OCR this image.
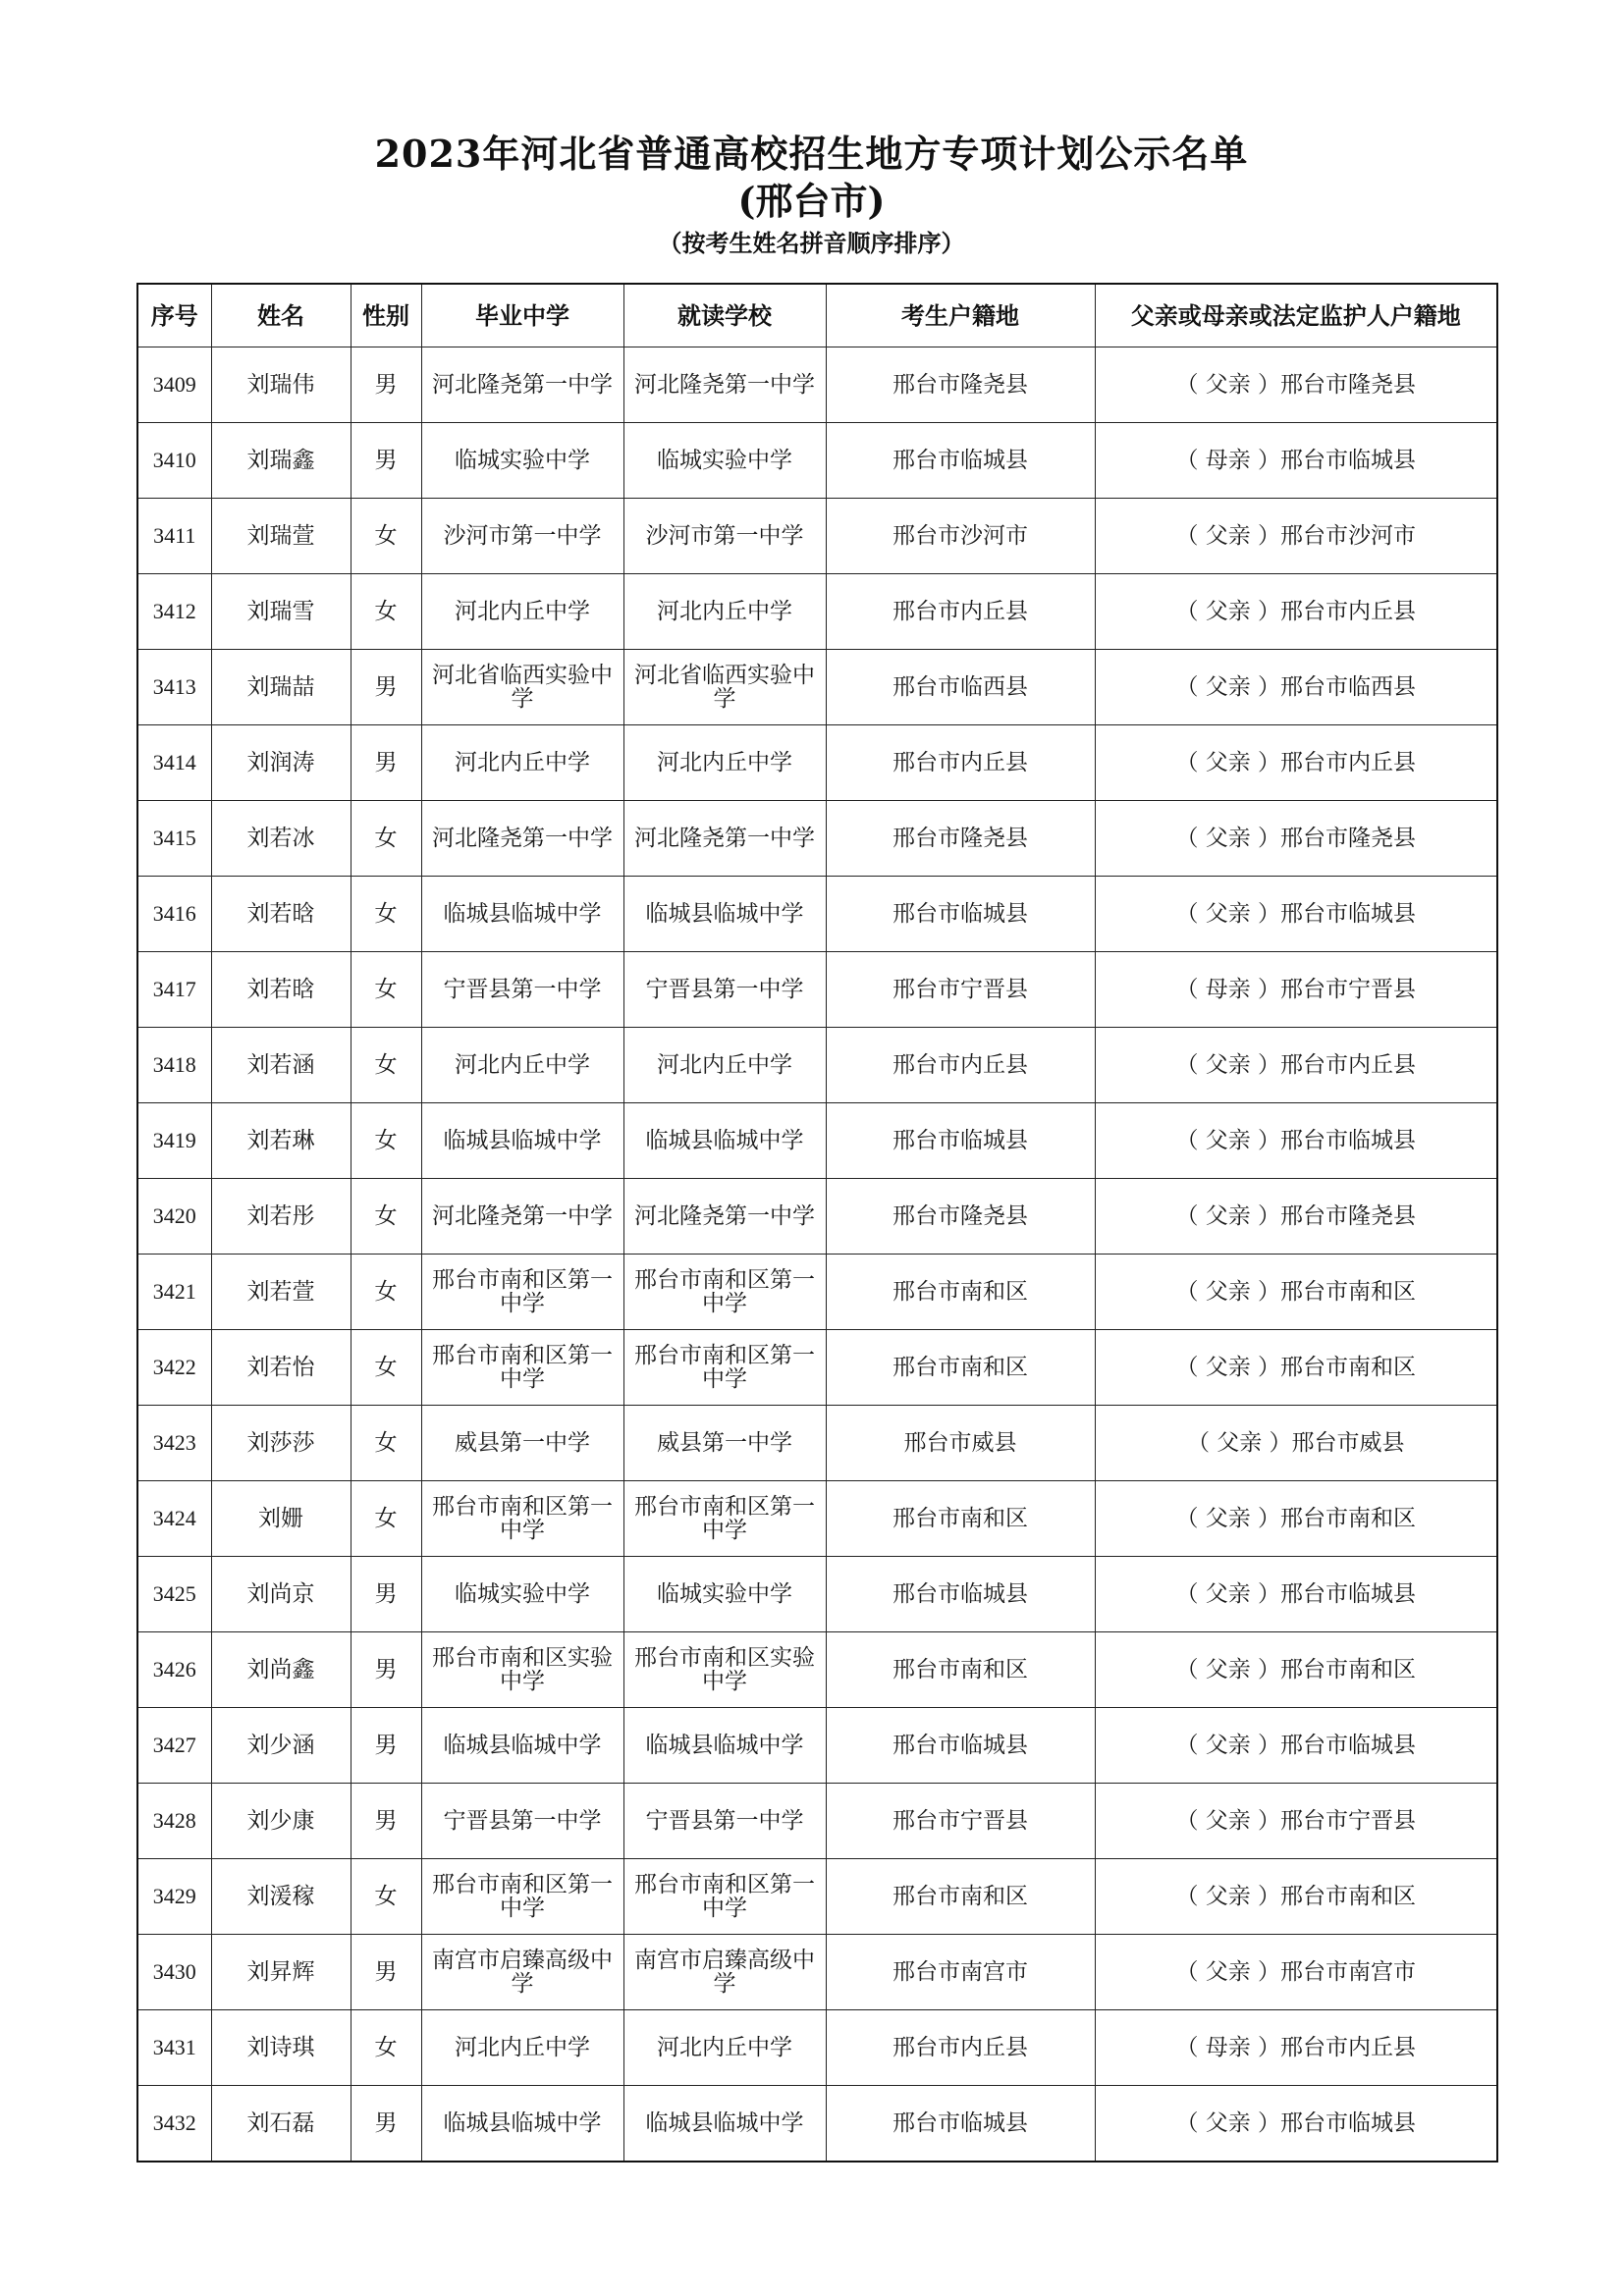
2023年河北省普通高校招生地方专项计划公示名单
(邢台市)
（按考生姓名拼音顺序排序）
序号	姓名	性别	毕业中学	就读学校	考生户籍地	父亲或母亲或法定监护人户籍地
3409	刘瑞伟	男	河北隆尧第一中学	河北隆尧第一中学	邢台市隆尧县	（ 父亲 ）邢台市隆尧县
3410	刘瑞鑫	男	临城实验中学	临城实验中学	邢台市临城县	（ 母亲 ）邢台市临城县
3411	刘瑞萱	女	沙河市第一中学	沙河市第一中学	邢台市沙河市	（ 父亲 ）邢台市沙河市
3412	刘瑞雪	女	河北内丘中学	河北内丘中学	邢台市内丘县	（ 父亲 ）邢台市内丘县
3413	刘瑞喆	男	河北省临西实验中学	河北省临西实验中学	邢台市临西县	（ 父亲 ）邢台市临西县
3414	刘润涛	男	河北内丘中学	河北内丘中学	邢台市内丘县	（ 父亲 ）邢台市内丘县
3415	刘若冰	女	河北隆尧第一中学	河北隆尧第一中学	邢台市隆尧县	（ 父亲 ）邢台市隆尧县
3416	刘若晗	女	临城县临城中学	临城县临城中学	邢台市临城县	（ 父亲 ）邢台市临城县
3417	刘若晗	女	宁晋县第一中学	宁晋县第一中学	邢台市宁晋县	（ 母亲 ）邢台市宁晋县
3418	刘若涵	女	河北内丘中学	河北内丘中学	邢台市内丘县	（ 父亲 ）邢台市内丘县
3419	刘若琳	女	临城县临城中学	临城县临城中学	邢台市临城县	（ 父亲 ）邢台市临城县
3420	刘若彤	女	河北隆尧第一中学	河北隆尧第一中学	邢台市隆尧县	（ 父亲 ）邢台市隆尧县
3421	刘若萱	女	邢台市南和区第一中学	邢台市南和区第一中学	邢台市南和区	（ 父亲 ）邢台市南和区
3422	刘若怡	女	邢台市南和区第一中学	邢台市南和区第一中学	邢台市南和区	（ 父亲 ）邢台市南和区
3423	刘莎莎	女	威县第一中学	威县第一中学	邢台市威县	（ 父亲 ）邢台市威县
3424	刘姗	女	邢台市南和区第一中学	邢台市南和区第一中学	邢台市南和区	（ 父亲 ）邢台市南和区
3425	刘尚京	男	临城实验中学	临城实验中学	邢台市临城县	（ 父亲 ）邢台市临城县
3426	刘尚鑫	男	邢台市南和区实验中学	邢台市南和区实验中学	邢台市南和区	（ 父亲 ）邢台市南和区
3427	刘少涵	男	临城县临城中学	临城县临城中学	邢台市临城县	（ 父亲 ）邢台市临城县
3428	刘少康	男	宁晋县第一中学	宁晋县第一中学	邢台市宁晋县	（ 父亲 ）邢台市宁晋县
3429	刘湲稼	女	邢台市南和区第一中学	邢台市南和区第一中学	邢台市南和区	（ 父亲 ）邢台市南和区
3430	刘昇辉	男	南宫市启臻高级中学	南宫市启臻高级中学	邢台市南宫市	（ 父亲 ）邢台市南宫市
3431	刘诗琪	女	河北内丘中学	河北内丘中学	邢台市内丘县	（ 母亲 ）邢台市内丘县
3432	刘石磊	男	临城县临城中学	临城县临城中学	邢台市临城县	（ 父亲 ）邢台市临城县
